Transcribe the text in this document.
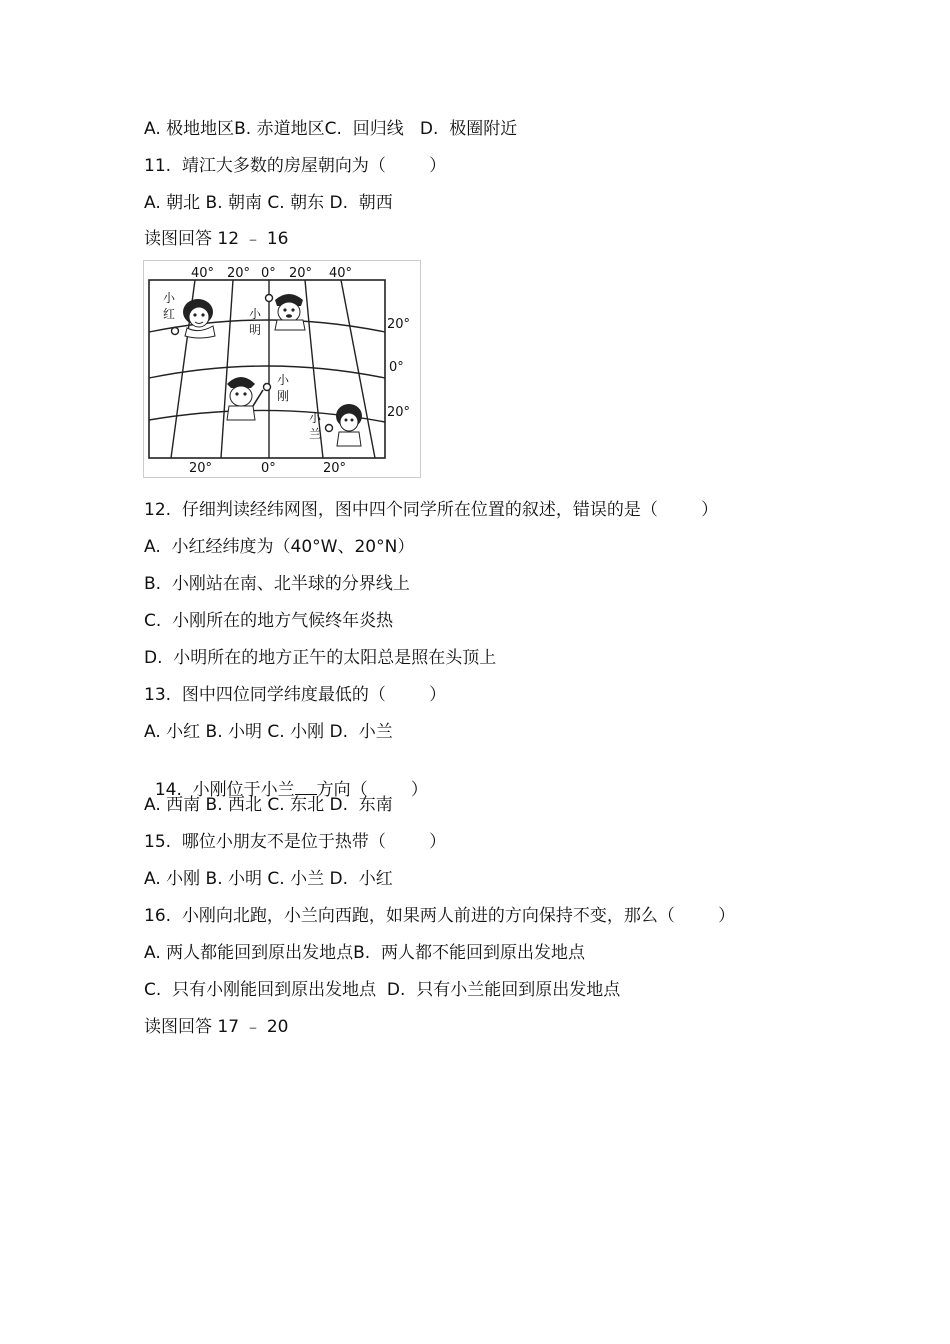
A. 极地地区B. 赤道地区C.  回归线   D.  极圈附近
11.  靖江大多数的房屋朝向为（        ）
A. 朝北 B. 朝南 C. 朝东 D.  朝西
读图回答 12 ﹣ 16
40° 20° 0° 20° 40°
20°
0°
20°
20°	0°	20°
小
红	小
明
小
刚
小
兰
12.  仔细判读经纬网图，图中四个同学所在位置的叙述，错误的是（        ）
A.  小红经纬度为（40°W、20°N）
B.  小刚站在南、北半球的分界线上
C.  小刚所在的地方气候终年炎热
D.  小明所在的地方正午的太阳总是照在头顶上
13.  图中四位同学纬度最低的（        ）
A. 小红 B. 小明 C. 小刚 D.  小兰

14.  小刚位于小兰 方向（        ）

A. 西南 B. 西北 C. 东北 D.  东南
15.  哪位小朋友不是位于热带（        ）
A. 小刚 B. 小明 C. 小兰 D.  小红
16.  小刚向北跑，小兰向西跑，如果两人前进的方向保持不变，那么（        ）
A. 两人都能回到原出发地点B.  两人都不能回到原出发地点
C.  只有小刚能回到原出发地点  D.  只有小兰能回到原出发地点
读图回答 17 ﹣ 20
